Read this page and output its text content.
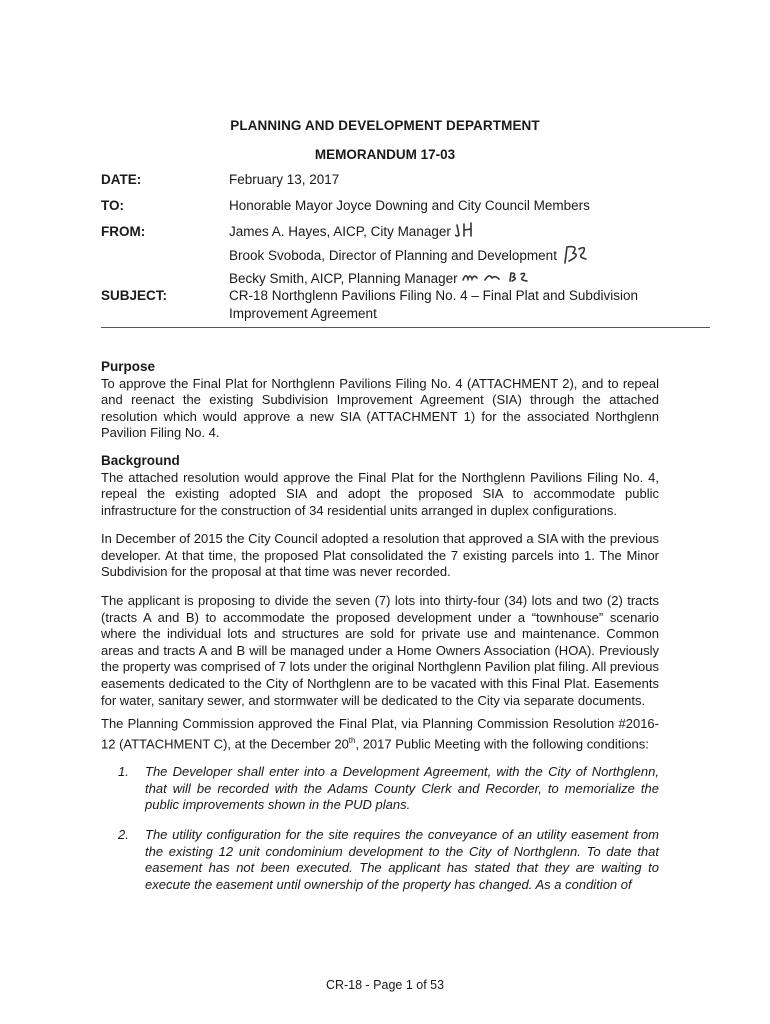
PLANNING AND DEVELOPMENT DEPARTMENT
MEMORANDUM 17-03
DATE:	February 13, 2017
TO:	Honorable Mayor Joyce Downing and City Council Members
FROM:	James A. Hayes, AICP, City Manager
Brook Svoboda, Director of Planning and Development
Becky Smith, AICP, Planning Manager
SUBJECT:	CR-18 Northglenn Pavilions Filing No. 4 – Final Plat and Subdivision
Improvement Agreement
Purpose
To approve the Final Plat for Northglenn Pavilions Filing No. 4 (ATTACHMENT 2), and to repeal and reenact the existing Subdivision Improvement Agreement (SIA) through the attached resolution which would approve a new SIA (ATTACHMENT 1) for the associated Northglenn Pavilion Filing No. 4.
Background
The attached resolution would approve the Final Plat for the Northglenn Pavilions Filing No. 4, repeal the existing adopted SIA and adopt the proposed SIA to accommodate public infrastructure for the construction of 34 residential units arranged in duplex configurations.
In December of 2015 the City Council adopted a resolution that approved a SIA with the previous developer. At that time, the proposed Plat consolidated the 7 existing parcels into 1. The Minor Subdivision for the proposal at that time was never recorded.
The applicant is proposing to divide the seven (7) lots into thirty-four (34) lots and two (2) tracts (tracts A and B) to accommodate the proposed development under a “townhouse” scenario where the individual lots and structures are sold for private use and maintenance. Common areas and tracts A and B will be managed under a Home Owners Association (HOA). Previously the property was comprised of 7 lots under the original Northglenn Pavilion plat filing. All previous easements dedicated to the City of Northglenn are to be vacated with this Final Plat. Easements for water, sanitary sewer, and stormwater will be dedicated to the City via separate documents.
The Planning Commission approved the Final Plat, via Planning Commission Resolution #2016-12 (ATTACHMENT C), at the December 20th, 2017 Public Meeting with the following conditions:
1. The Developer shall enter into a Development Agreement, with the City of Northglenn, that will be recorded with the Adams County Clerk and Recorder, to memorialize the public improvements shown in the PUD plans.
2. The utility configuration for the site requires the conveyance of an utility easement from the existing 12 unit condominium development to the City of Northglenn. To date that easement has not been executed. The applicant has stated that they are waiting to execute the easement until ownership of the property has changed. As a condition of
CR-18 - Page 1 of 53
